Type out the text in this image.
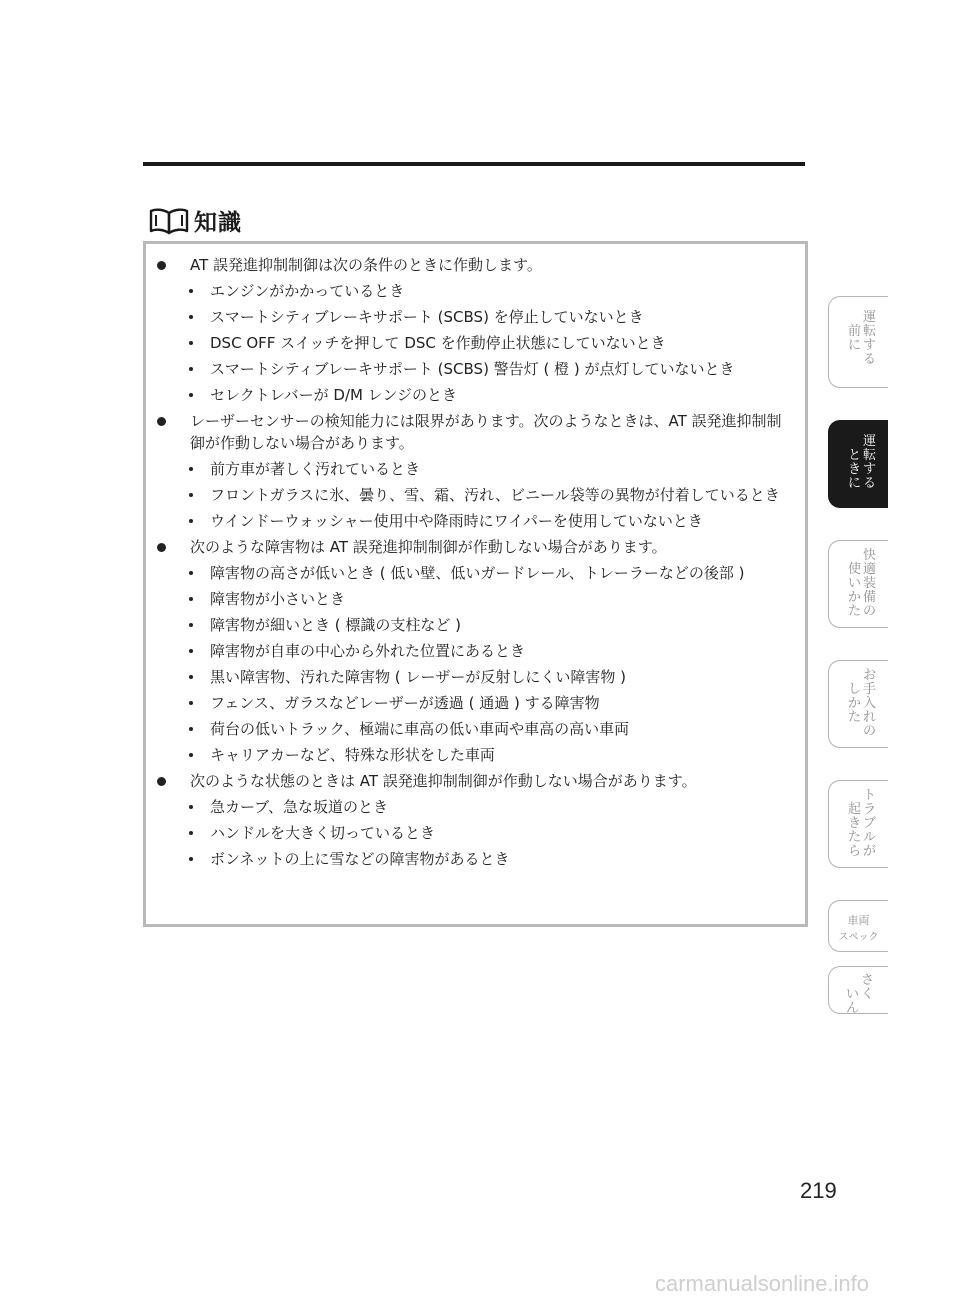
知識
AT 誤発進抑制制御は次の条件のときに作動します。
エンジンがかかっているとき
スマートシティブレーキサポート (SCBS) を停止していないとき
DSC OFF スイッチを押して DSC を作動停止状態にしていないとき
スマートシティブレーキサポート (SCBS) 警告灯 ( 橙 ) が点灯していないとき
セレクトレバーが D/M レンジのとき
レーザーセンサーの検知能力には限界があります。次のようなときは、AT 誤発進抑制制御が作動しない場合があります。
前方車が著しく汚れているとき
フロントガラスに氷、曇り、雪、霜、汚れ、ビニール袋等の異物が付着しているとき
ウインドーウォッシャー使用中や降雨時にワイパーを使用していないとき
次のような障害物は AT 誤発進抑制制御が作動しない場合があります。
障害物の高さが低いとき ( 低い壁、低いガードレール、トレーラーなどの後部 )
障害物が小さいとき
障害物が細いとき ( 標識の支柱など )
障害物が自車の中心から外れた位置にあるとき
黒い障害物、汚れた障害物 ( レーザーが反射しにくい障害物 )
フェンス、ガラスなどレーザーが透過 ( 通過 ) する障害物
荷台の低いトラック、極端に車高の低い車両や車高の高い車両
キャリアカーなど、特殊な形状をした車両
次のような状態のときは AT 誤発進抑制制御が作動しない場合があります。
急カーブ、急な坂道のとき
ハンドルを大きく切っているとき
ボンネットの上に雪などの障害物があるとき
運
転
す
る
前
に
運
転
す
る
と
き
に
快
適
装
備
の
使
い
か
た
お
手
入
れ
の
し
か
た
ト
ラ
ブ
ル
が
起
き
た
ら
車両
スペック
さ
く
い
ん
219
carmanualsonline.info
